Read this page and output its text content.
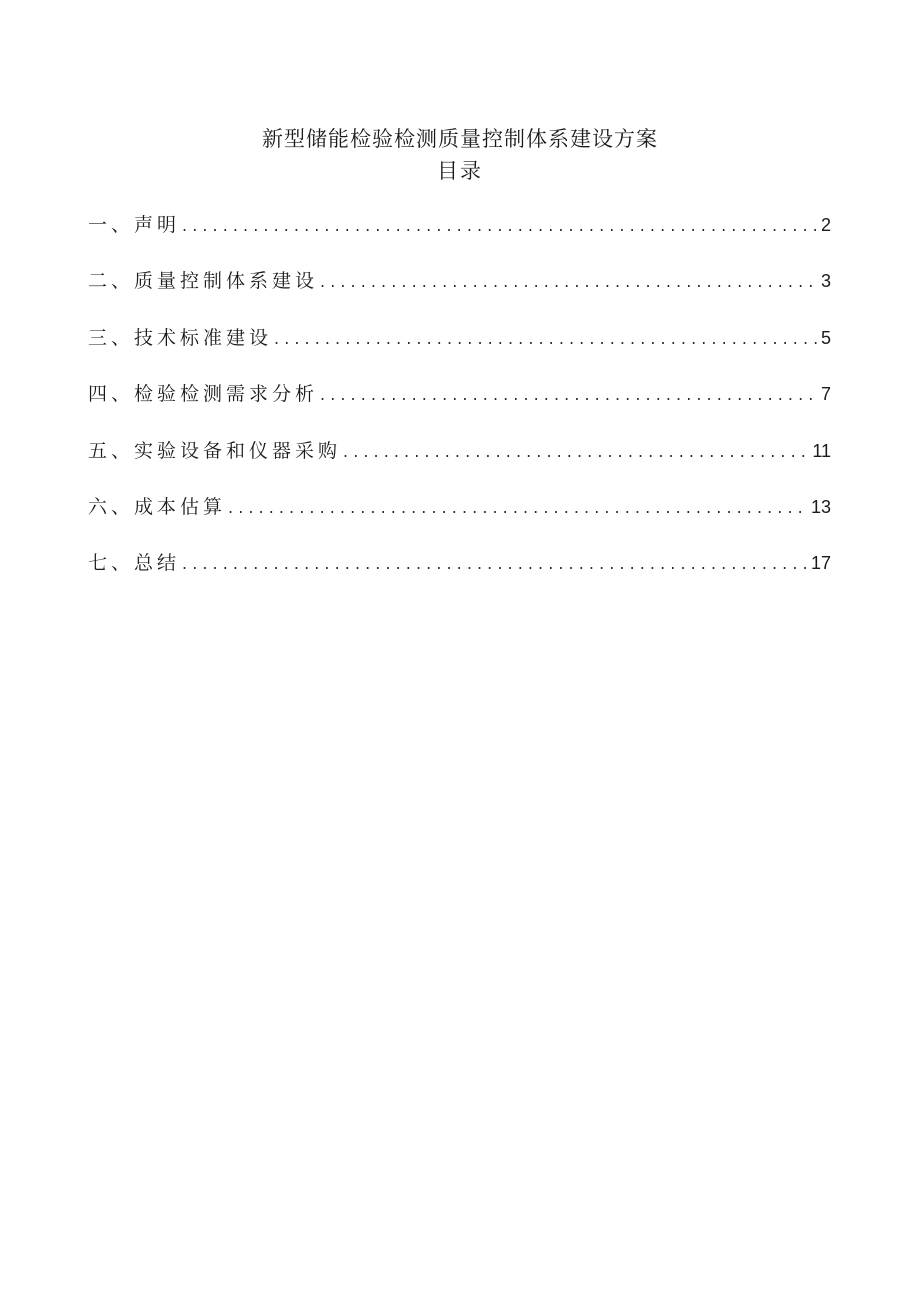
新型储能检验检测质量控制体系建设方案
目录
一、声明 . . .	2
二、质量控制体系建设 . . .	3
三、技术标准建设 . . .	5
四、检验检测需求分析 . . .	7
五、实验设备和仪器采购 . . .	11
六、成本估算 . . .	13
七、总结 . . .	17
